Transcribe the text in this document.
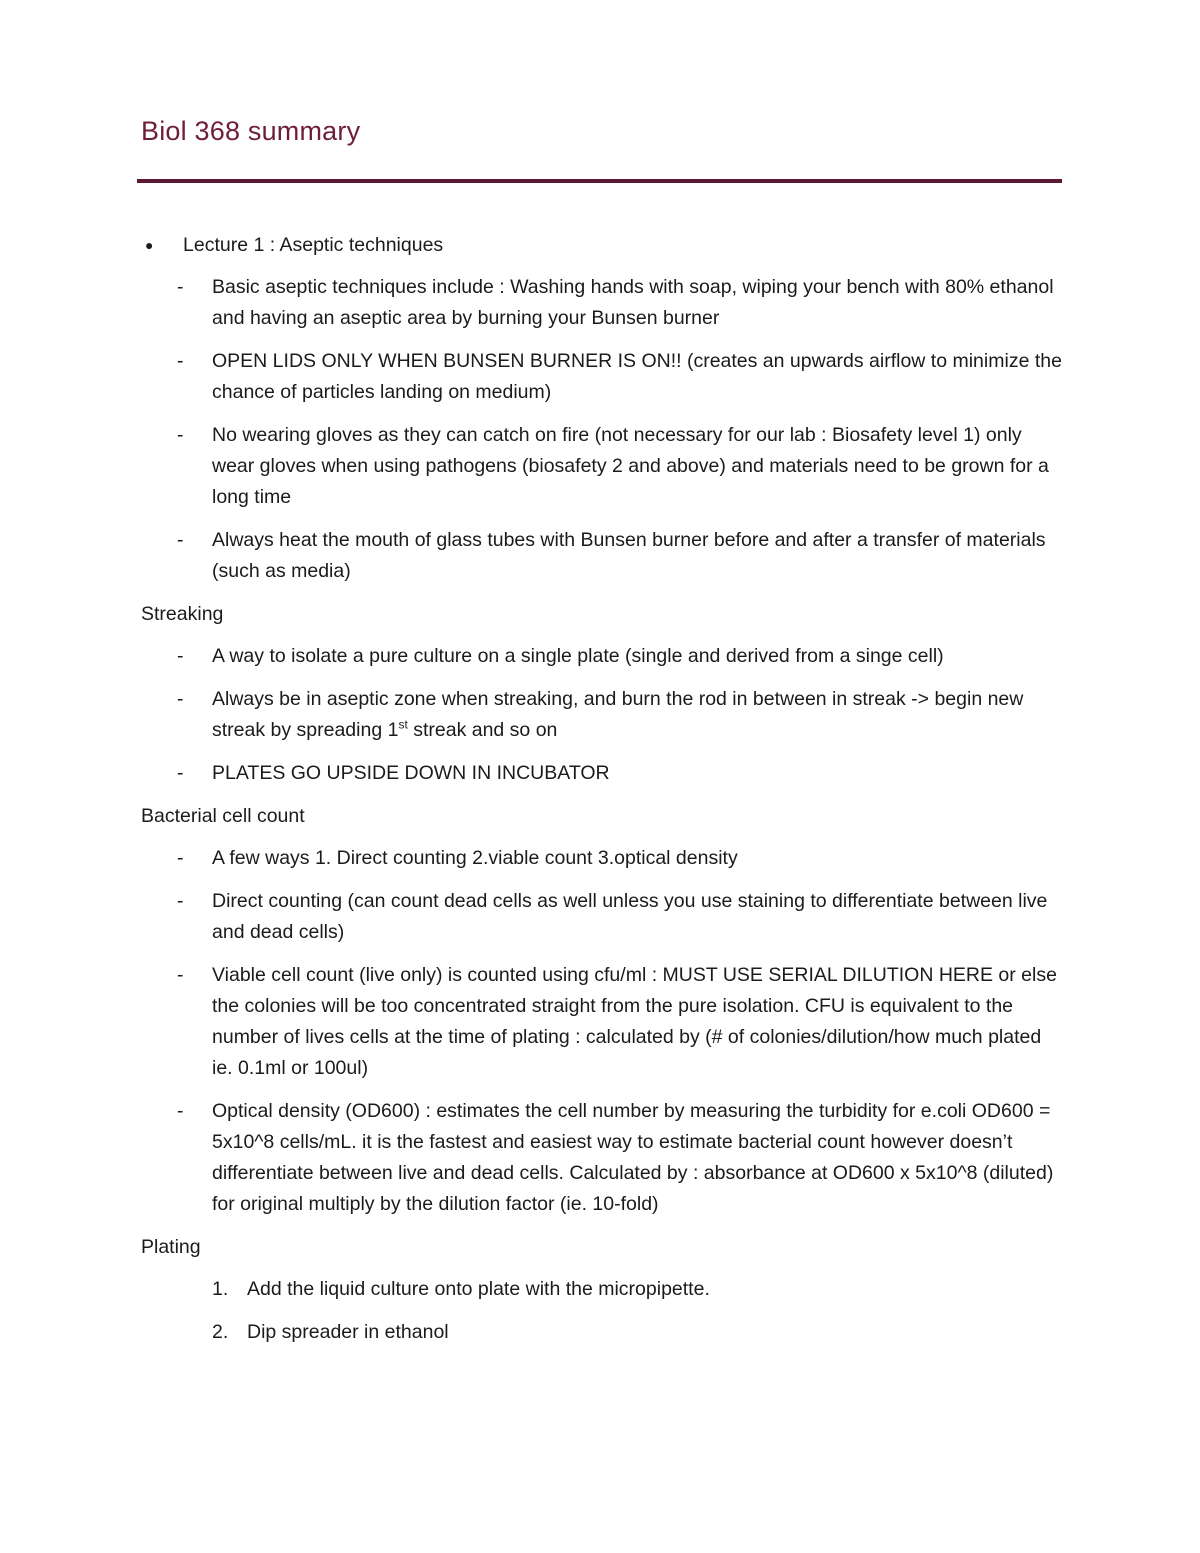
Biol 368 summary
● Lecture 1 : Aseptic techniques
- Basic aseptic techniques include : Washing hands with soap, wiping your bench with 80% ethanol and having an aseptic area by burning your Bunsen burner
- OPEN LIDS ONLY WHEN BUNSEN BURNER IS ON!! (creates an upwards airflow to minimize the chance of particles landing on medium)
- No wearing gloves as they can catch on fire (not necessary for our lab : Biosafety level 1) only wear gloves when using pathogens (biosafety 2 and above) and materials need to be grown for a long time
- Always heat the mouth of glass tubes with Bunsen burner before and after a transfer of materials (such as media)
Streaking
- A way to isolate a pure culture on a single plate (single and derived from a singe cell)
- Always be in aseptic zone when streaking, and burn the rod in between in streak -> begin new streak by spreading 1st streak and so on
- PLATES GO UPSIDE DOWN IN INCUBATOR
Bacterial cell count
- A few ways 1. Direct counting 2.viable count 3.optical density
- Direct counting (can count dead cells as well unless you use staining to differentiate between live and dead cells)
- Viable cell count (live only) is counted using cfu/ml : MUST USE SERIAL DILUTION HERE or else the colonies will be too concentrated straight from the pure isolation. CFU is equivalent to the number of lives cells at the time of plating : calculated by (# of colonies/dilution/how much plated ie. 0.1ml or 100ul)
- Optical density (OD600) : estimates the cell number by measuring the turbidity for e.coli OD600 = 5x10^8 cells/mL. it is the fastest and easiest way to estimate bacterial count however doesn’t differentiate between live and dead cells. Calculated by : absorbance at OD600 x 5x10^8 (diluted) for original multiply by the dilution factor (ie. 10-fold)
Plating
1. Add the liquid culture onto plate with the micropipette.
2. Dip spreader in ethanol
